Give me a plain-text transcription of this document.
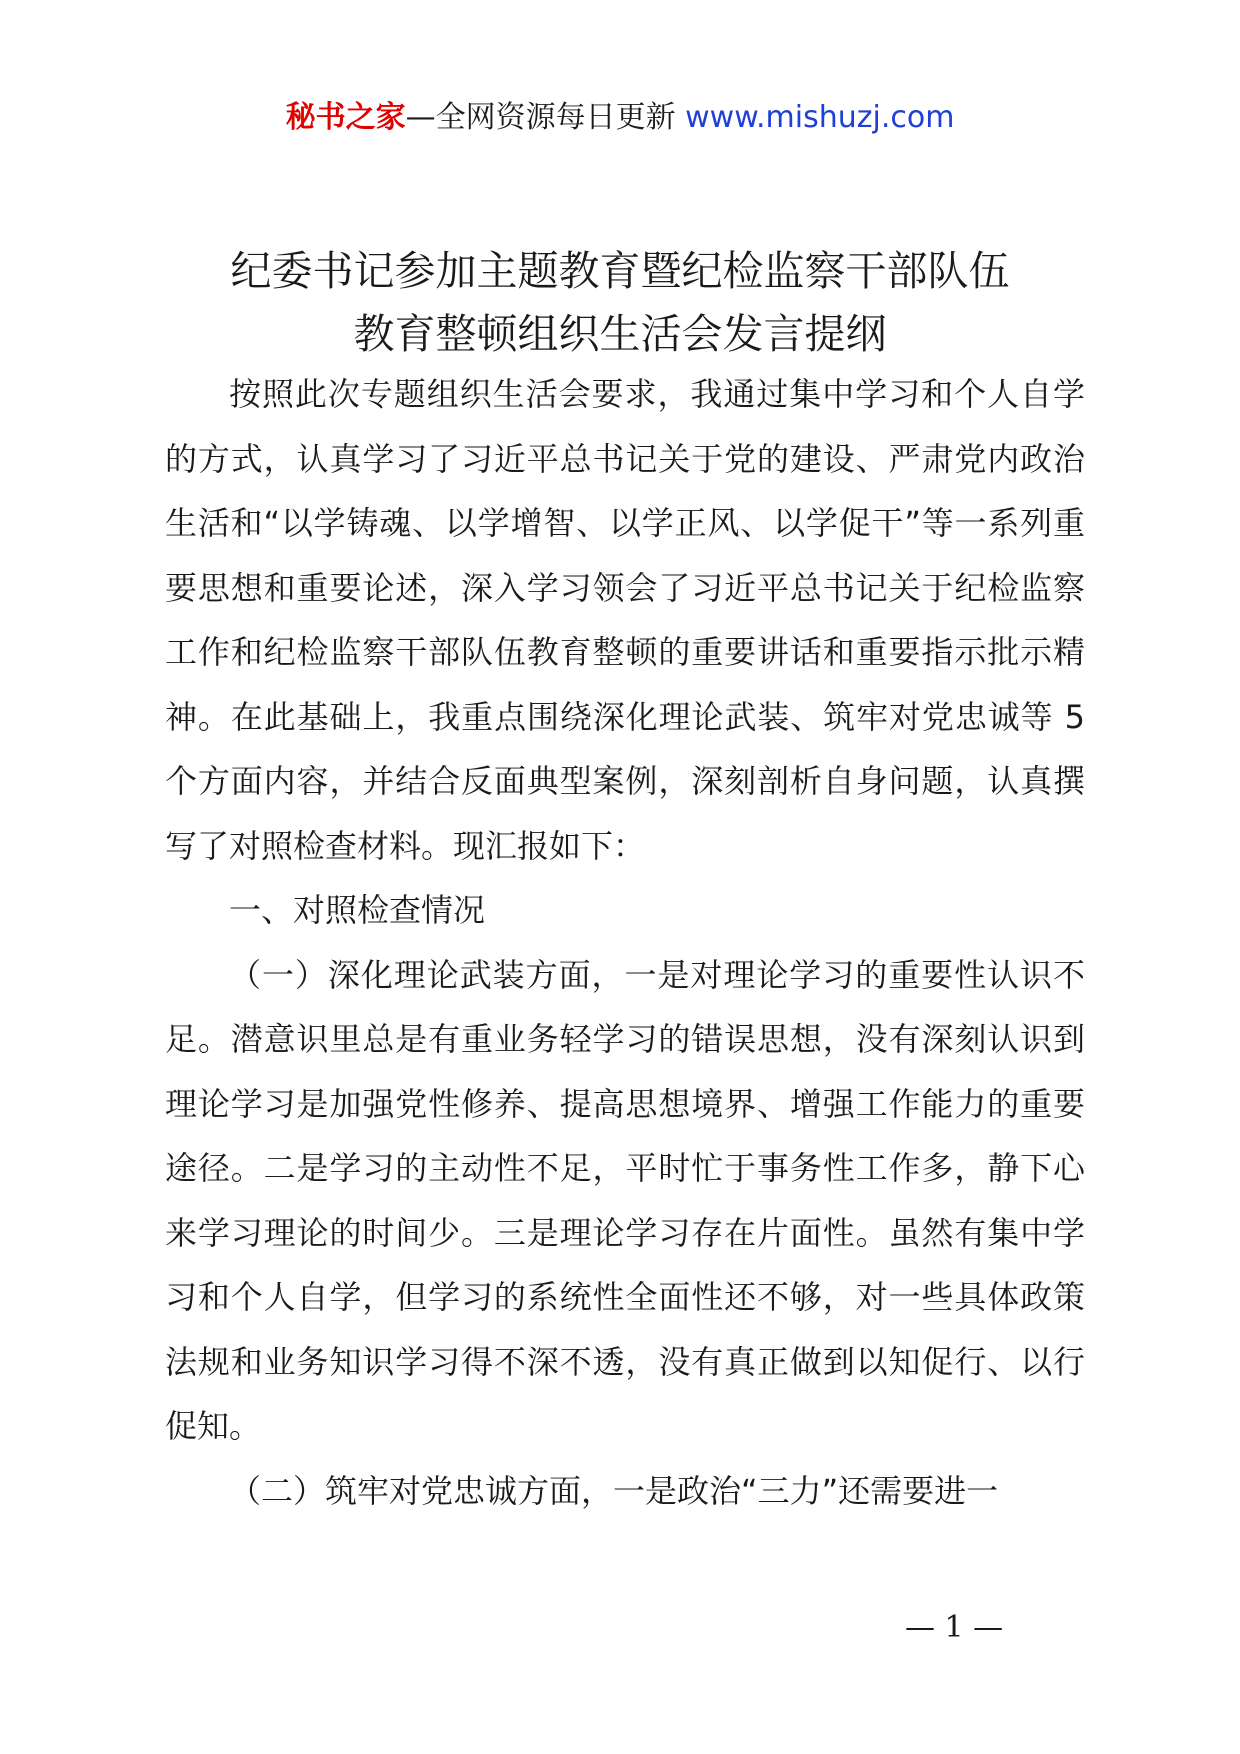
秘书之家—全网资源每日更新 www.mishuzj.com
纪委书记参加主题教育暨纪检监察干部队伍
教育整顿组织生活会发言提纲

按照此次专题组织生活会要求，我通过集中学习和个人自学的方式，认真学习了习近平总书记关于党的建设、严肃党内政治生活和“以学铸魂、以学增智、以学正风、以学促干”等一系列重要思想和重要论述，深入学习领会了习近平总书记关于纪检监察工作和纪检监察干部队伍教育整顿的重要讲话和重要指示批示精神。在此基础上，我重点围绕深化理论武装、筑牢对党忠诚等 5 个方面内容，并结合反面典型案例，深刻剖析自身问题，认真撰写了对照检查材料。现汇报如下：

一、对照检查情况

（一）深化理论武装方面，一是对理论学习的重要性认识不足。潜意识里总是有重业务轻学习的错误思想，没有深刻认识到理论学习是加强党性修养、提高思想境界、增强工作能力的重要途径。二是学习的主动性不足，平时忙于事务性工作多，静下心来学习理论的时间少。三是理论学习存在片面性。虽然有集中学习和个人自学，但学习的系统性全面性还不够，对一些具体政策法规和业务知识学习得不深不透，没有真正做到以知促行、以行促知。

（二）筑牢对党忠诚方面，一是政治“三力”还需要进一

— 1 —
